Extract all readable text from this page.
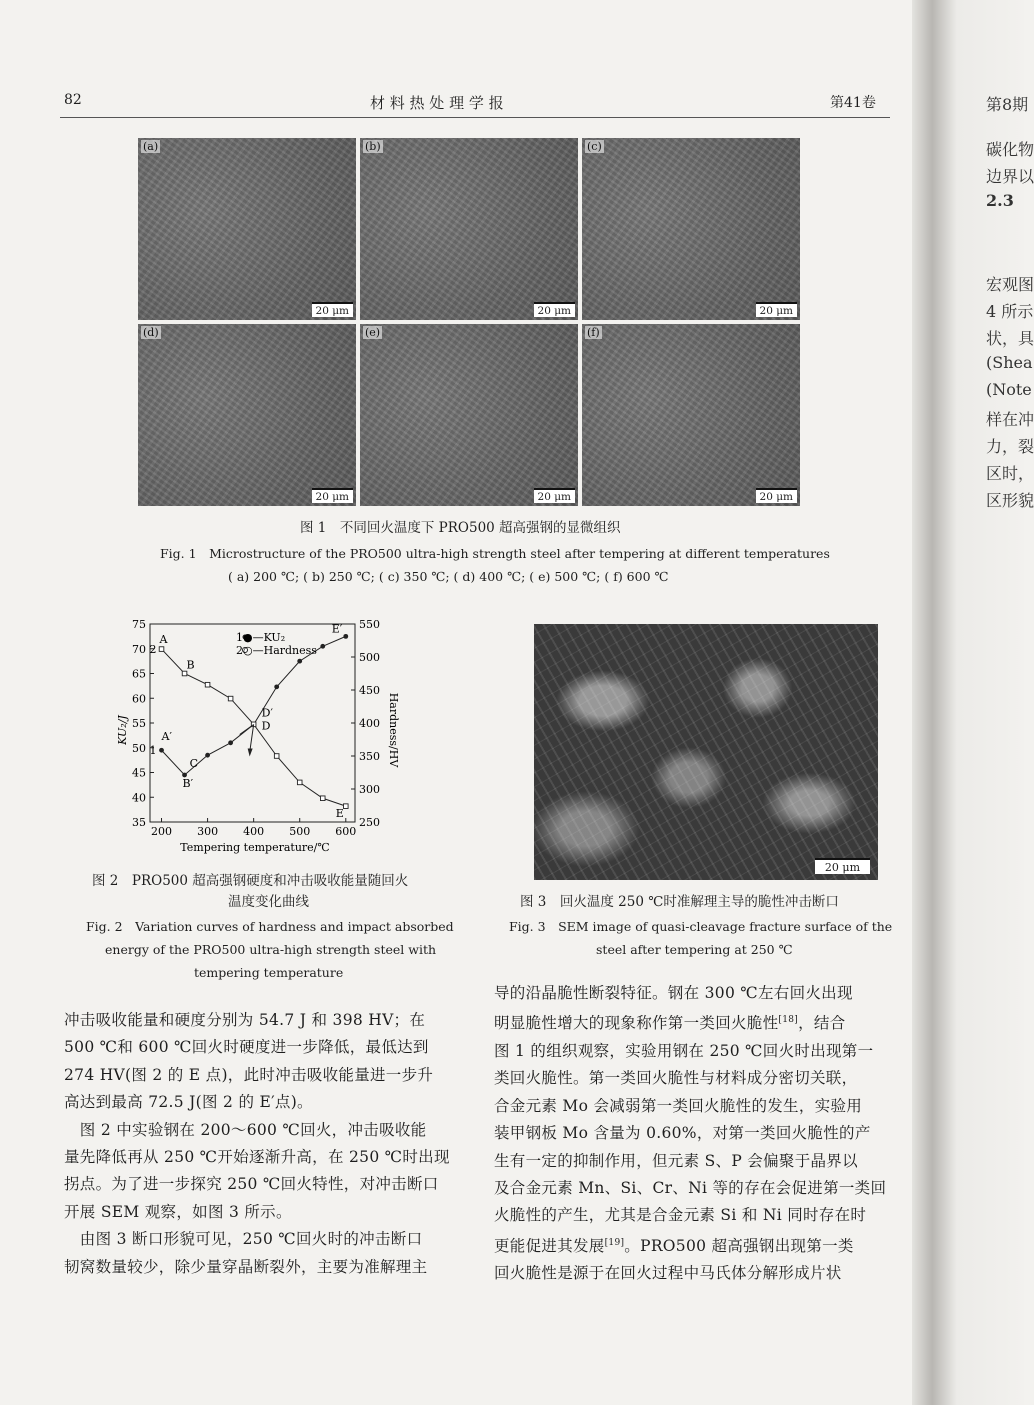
第8期
碳化物
边界以
2.3
宏观图
4 所示
状，具
(Shea
(Note
样在冲
力，裂
区时，
区形貌
82	材 料 热 处 理 学 报	第41卷
(a)
20 μm
(b)
20 μm
(c)
20 μm
(d)
20 μm
(e)
20 μm
(f)
20 μm
图 1　不同回火温度下 PRO500 超高强钢的显微组织
Fig. 1　Microstructure of the PRO500 ultra-high strength steel after tempering at different temperatures
( a) 200 ℃; ( b) 250 ℃; ( c) 350 ℃; ( d) 400 ℃; ( e) 500 ℃; ( f) 600 ℃
200 300 400 500 600
35
40
45
50
55
60
65
70
75
250
300
350
400
450
500
550
A
A′
B
B′
C
D
D′
E
E′
1
2
Tempering temperature/℃
KU₂/J	Hardness/HV
1●—KU₂
2○—Hardness
图 2　PRO500 超高强钢硬度和冲击吸收能量随回火
温度变化曲线
Fig. 2　Variation curves of hardness and impact absorbed
energy of the PRO500 ultra-high strength steel with
tempering temperature
20 μm
图 3　回火温度 250 ℃时准解理主导的脆性冲击断口
Fig. 3　SEM image of quasi-cleavage fracture surface of the
steel after tempering at 250 ℃
冲击吸收能量和硬度分别为 54.7 J 和 398 HV；在
500 ℃和 600 ℃回火时硬度进一步降低，最低达到
274 HV(图 2 的 E 点)，此时冲击吸收能量进一步升
高达到最高 72.5 J(图 2 的 E′点)。
　图 2 中实验钢在 200～600 ℃回火，冲击吸收能
量先降低再从 250 ℃开始逐渐升高，在 250 ℃时出现
拐点。为了进一步探究 250 ℃回火特性，对冲击断口
开展 SEM 观察，如图 3 所示。
　由图 3 断口形貌可见，250 ℃回火时的冲击断口
韧窝数量较少，除少量穿晶断裂外，主要为准解理主
导的沿晶脆性断裂特征。钢在 300 ℃左右回火出现
明显脆性增大的现象称作第一类回火脆性[18]，结合
图 1 的组织观察，实验用钢在 250 ℃回火时出现第一
类回火脆性。第一类回火脆性与材料成分密切关联，
合金元素 Mo 会减弱第一类回火脆性的发生，实验用
装甲钢板 Mo 含量为 0.60%，对第一类回火脆性的产
生有一定的抑制作用，但元素 S、P 会偏聚于晶界以
及合金元素 Mn、Si、Cr、Ni 等的存在会促进第一类回
火脆性的产生，尤其是合金元素 Si 和 Ni 同时存在时
更能促进其发展[19]。PRO500 超高强钢出现第一类
回火脆性是源于在回火过程中马氏体分解形成片状
